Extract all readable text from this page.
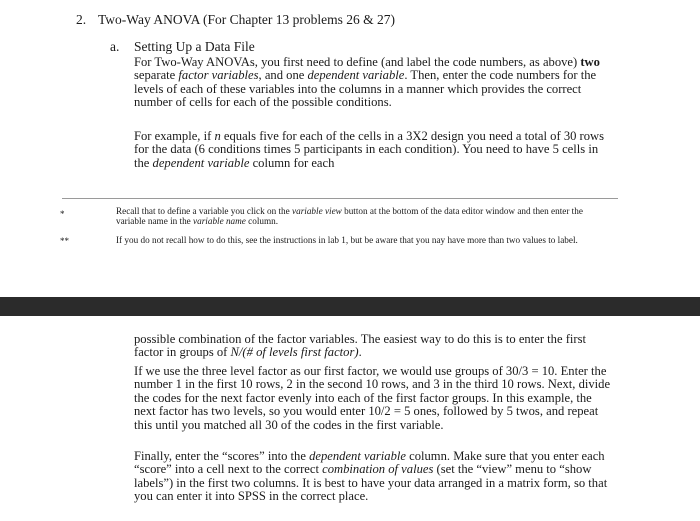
2. Two-Way ANOVA (For Chapter 13 problems 26 & 27)
a. Setting Up a Data File
For Two-Way ANOVAs, you first need to define (and label the code numbers, as above) two separate factor variables, and one dependent variable. Then, enter the code numbers for the levels of each of these variables into the columns in a manner which provides the correct number of cells for each of the possible conditions.
For example, if n equals five for each of the cells in a 3X2 design you need a total of 30 rows for the data (6 conditions times 5 participants in each condition). You need to have 5 cells in the dependent variable column for each
*	Recall that to define a variable you click on the variable view button at the bottom of the data editor window and then enter the variable name in the variable name column.
**	If you do not recall how to do this, see the instructions in lab 1, but be aware that you nay have more than two values to label.
possible combination of the factor variables. The easiest way to do this is to enter the first factor in groups of N/(# of levels first factor).
If we use the three level factor as our first factor, we would use groups of 30/3 = 10. Enter the number 1 in the first 10 rows, 2 in the second 10 rows, and 3 in the third 10 rows. Next, divide the codes for the next factor evenly into each of the first factor groups. In this example, the next factor has two levels, so you would enter 10/2 = 5 ones, followed by 5 twos, and repeat this until you matched all 30 of the codes in the first variable.
Finally, enter the “scores” into the dependent variable column. Make sure that you enter each “score” into a cell next to the correct combination of values (set the “view” menu to “show labels”) in the first two columns. It is best to have your data arranged in a matrix form, so that you can enter it into SPSS in the correct place.
